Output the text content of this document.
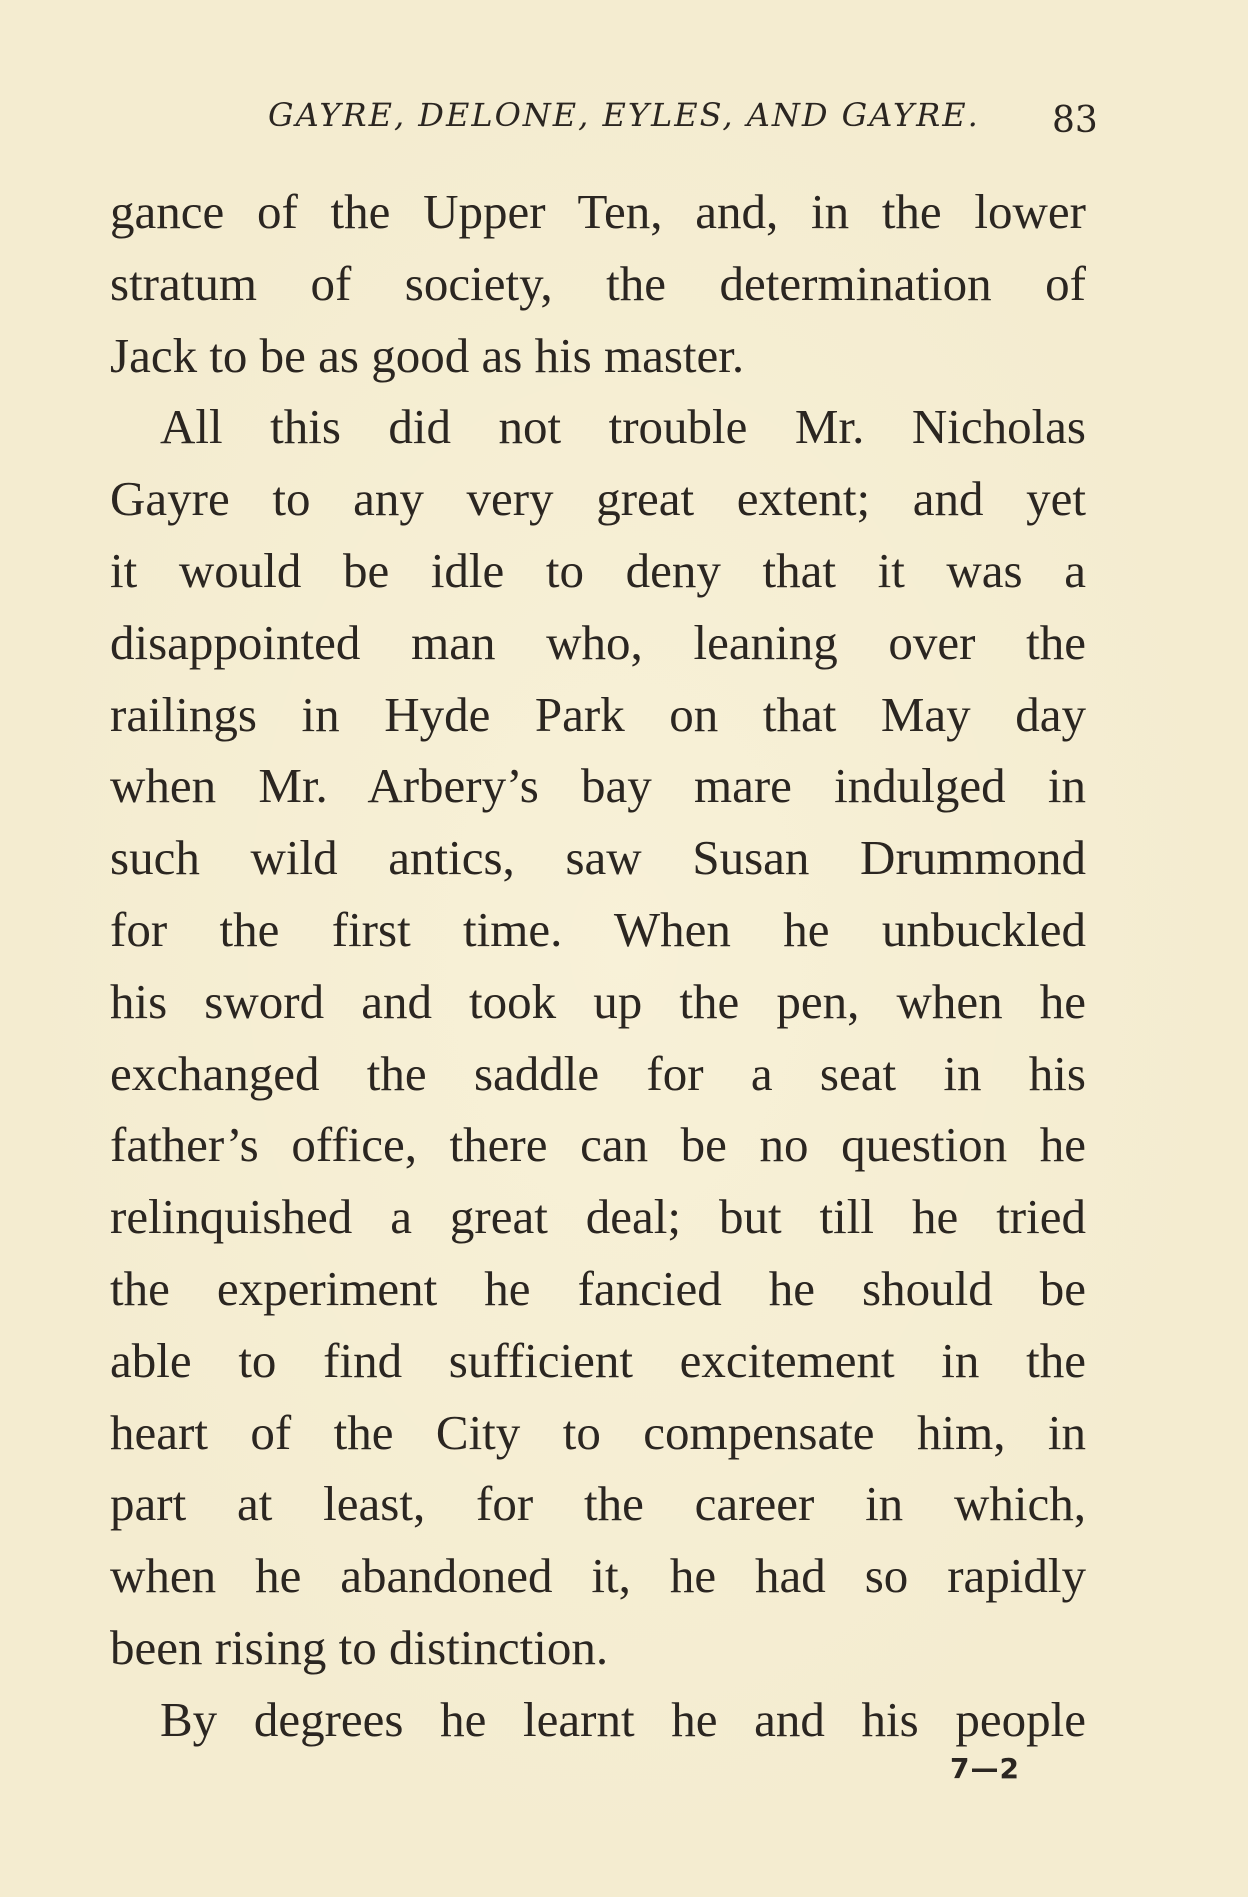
GAYRE, DELONE, EYLES, AND GAYRE. 83
gance of the Upper Ten, and, in the lower
stratum of society, the determination of
Jack to be as good as his master.
All this did not trouble Mr. Nicholas
Gayre to any very great extent; and yet
it would be idle to deny that it was a
disappointed man who, leaning over the
railings in Hyde Park on that May day
when Mr. Arbery’s bay mare indulged in
such wild antics, saw Susan Drummond
for the first time. When he unbuckled
his sword and took up the pen, when he
exchanged the saddle for a seat in his
father’s office, there can be no question he
relinquished a great deal; but till he tried
the experiment he fancied he should be
able to find sufficient excitement in the
heart of the City to compensate him, in
part at least, for the career in which,
when he abandoned it, he had so rapidly
been rising to distinction.
By degrees he learnt he and his people
7—2
